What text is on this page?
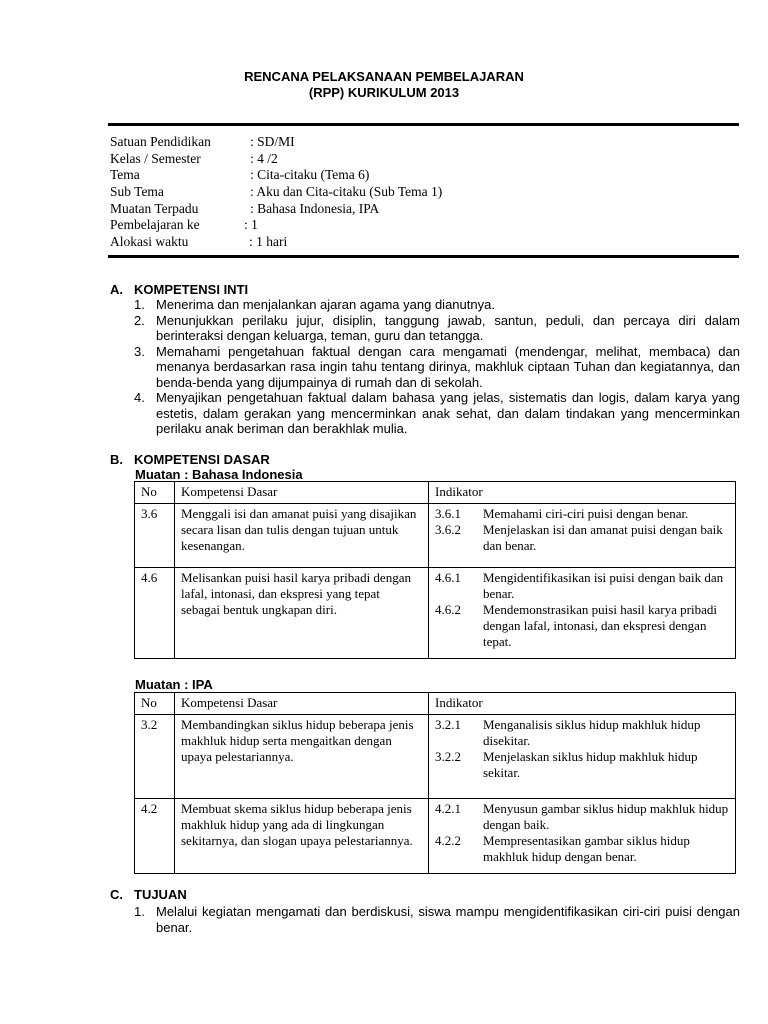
RENCANA PELAKSANAAN PEMBELAJARAN
(RPP) KURIKULUM 2013
Satuan Pendidikan	: SD/MI
Kelas / Semester	: 4 /2
Tema	: Cita-citaku (Tema 6)
Sub Tema	: Aku dan Cita-citaku (Sub Tema 1)
Muatan Terpadu	: Bahasa Indonesia, IPA
Pembelajaran ke	: 1
Alokasi waktu	: 1 hari
A. KOMPETENSI INTI
1. Menerima dan menjalankan ajaran agama yang dianutnya.
2. Menunjukkan perilaku jujur, disiplin, tanggung jawab, santun, peduli, dan percaya diri dalam berinteraksi dengan keluarga, teman, guru dan tetangga.
3. Memahami pengetahuan faktual dengan cara mengamati (mendengar, melihat, membaca) dan menanya berdasarkan rasa ingin tahu tentang dirinya, makhluk ciptaan Tuhan dan kegiatannya, dan benda-benda yang dijumpainya di rumah dan di sekolah.
4. Menyajikan pengetahuan faktual dalam bahasa yang jelas, sistematis dan logis, dalam karya yang estetis, dalam gerakan yang mencerminkan anak sehat, dan dalam tindakan yang mencerminkan perilaku anak beriman dan berakhlak mulia.
B. KOMPETENSI DASAR
Muatan : Bahasa Indonesia
No	Kompetensi Dasar	Indikator
3.6	Menggali isi dan amanat puisi yang disajikan secara lisan dan tulis dengan tujuan untuk kesenangan.	3.6.1 Memahami ciri-ciri puisi dengan benar.
3.6.2 Menjelaskan isi dan amanat puisi dengan baik dan benar.

4.6	Melisankan puisi hasil karya pribadi dengan lafal, intonasi, dan ekspresi yang tepat sebagai bentuk ungkapan diri.	4.6.1 Mengidentifikasikan isi puisi dengan baik dan benar.
4.6.2 Mendemonstrasikan puisi hasil karya pribadi dengan lafal, intonasi, dan ekspresi dengan tepat.
Muatan : IPA
No	Kompetensi Dasar	Indikator
3.2	Membandingkan siklus hidup beberapa jenis makhluk hidup serta mengaitkan dengan upaya pelestariannya.	3.2.1 Menganalisis siklus hidup makhluk hidup disekitar.
3.2.2 Menjelaskan siklus hidup makhluk hidup sekitar.

4.2	Membuat skema siklus hidup beberapa jenis makhluk hidup yang ada di lingkungan sekitarnya, dan slogan upaya pelestariannya.	4.2.1 Menyusun gambar siklus hidup makhluk hidup dengan baik.
4.2.2 Mempresentasikan gambar siklus hidup makhluk hidup dengan benar.
C. TUJUAN
1. Melalui kegiatan mengamati dan berdiskusi, siswa mampu mengidentifikasikan ciri-ciri puisi dengan benar.
